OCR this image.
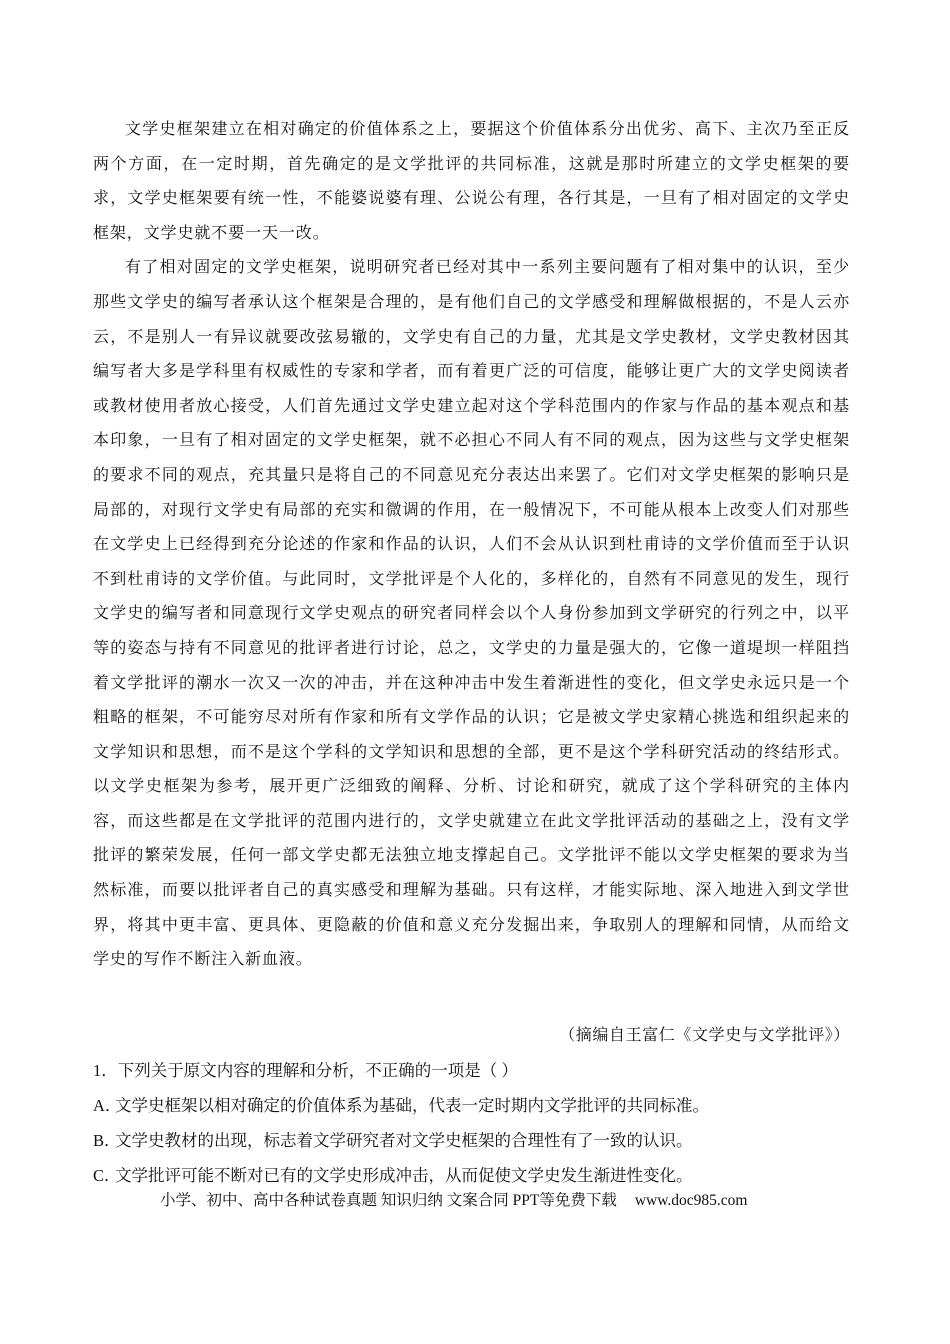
文学史框架建立在相对确定的价值体系之上，要据这个价值体系分出优劣、高下、主次乃至正反两个方面，在一定时期，首先确定的是文学批评的共同标准，这就是那时所建立的文学史框架的要求，文学史框架要有统一性，不能婆说婆有理、公说公有理，各行其是，一旦有了相对固定的文学史框架，文学史就不要一天一改。

有了相对固定的文学史框架，说明研究者已经对其中一系列主要问题有了相对集中的认识，至少那些文学史的编写者承认这个框架是合理的，是有他们自己的文学感受和理解做根据的，不是人云亦云，不是别人一有异议就要改弦易辙的，文学史有自己的力量，尤其是文学史教材，文学史教材因其编写者大多是学科里有权威性的专家和学者，而有着更广泛的可信度，能够让更广大的文学史阅读者或教材使用者放心接受，人们首先通过文学史建立起对这个学科范围内的作家与作品的基本观点和基本印象，一旦有了相对固定的文学史框架，就不必担心不同人有不同的观点，因为这些与文学史框架的要求不同的观点，充其量只是将自己的不同意见充分表达出来罢了。它们对文学史框架的影响只是局部的，对现行文学史有局部的充实和微调的作用，在一般情况下，不可能从根本上改变人们对那些在文学史上已经得到充分论述的作家和作品的认识，人们不会从认识到杜甫诗的文学价值而至于认识不到杜甫诗的文学价值。与此同时，文学批评是个人化的，多样化的，自然有不同意见的发生，现行文学史的编写者和同意现行文学史观点的研究者同样会以个人身份参加到文学研究的行列之中，以平等的姿态与持有不同意见的批评者进行讨论，总之，文学史的力量是强大的，它像一道堤坝一样阻挡着文学批评的潮水一次又一次的冲击，并在这种冲击中发生着渐进性的变化，但文学史永远只是一个粗略的框架，不可能穷尽对所有作家和所有文学作品的认识；它是被文学史家精心挑选和组织起来的文学知识和思想，而不是这个学科的文学知识和思想的全部，更不是这个学科研究活动的终结形式。以文学史框架为参考，展开更广泛细致的阐释、分析、讨论和研究，就成了这个学科研究的主体内容，而这些都是在文学批评的范围内进行的，文学史就建立在此文学批评活动的基础之上，没有文学批评的繁荣发展，任何一部文学史都无法独立地支撑起自己。文学批评不能以文学史框架的要求为当然标准，而要以批评者自己的真实感受和理解为基础。只有这样，才能实际地、深入地进入到文学世界，将其中更丰富、更具体、更隐蔽的价值和意义充分发掘出来，争取别人的理解和同情，从而给文学史的写作不断注入新血液。

（摘编自王富仁《文学史与文学批评》）

1．下列关于原文内容的理解和分析，不正确的一项是（ ）

A．文学史框架以相对确定的价值体系为基础，代表一定时期内文学批评的共同标准。

B．文学史教材的出现，标志着文学研究者对文学史框架的合理性有了一致的认识。

C．文学批评可能不断对已有的文学史形成冲击，从而促使文学史发生渐进性变化。

小学、初中、高中各种试卷真题 知识归纳 文案合同 PPT等免费下载 www.doc985.com
